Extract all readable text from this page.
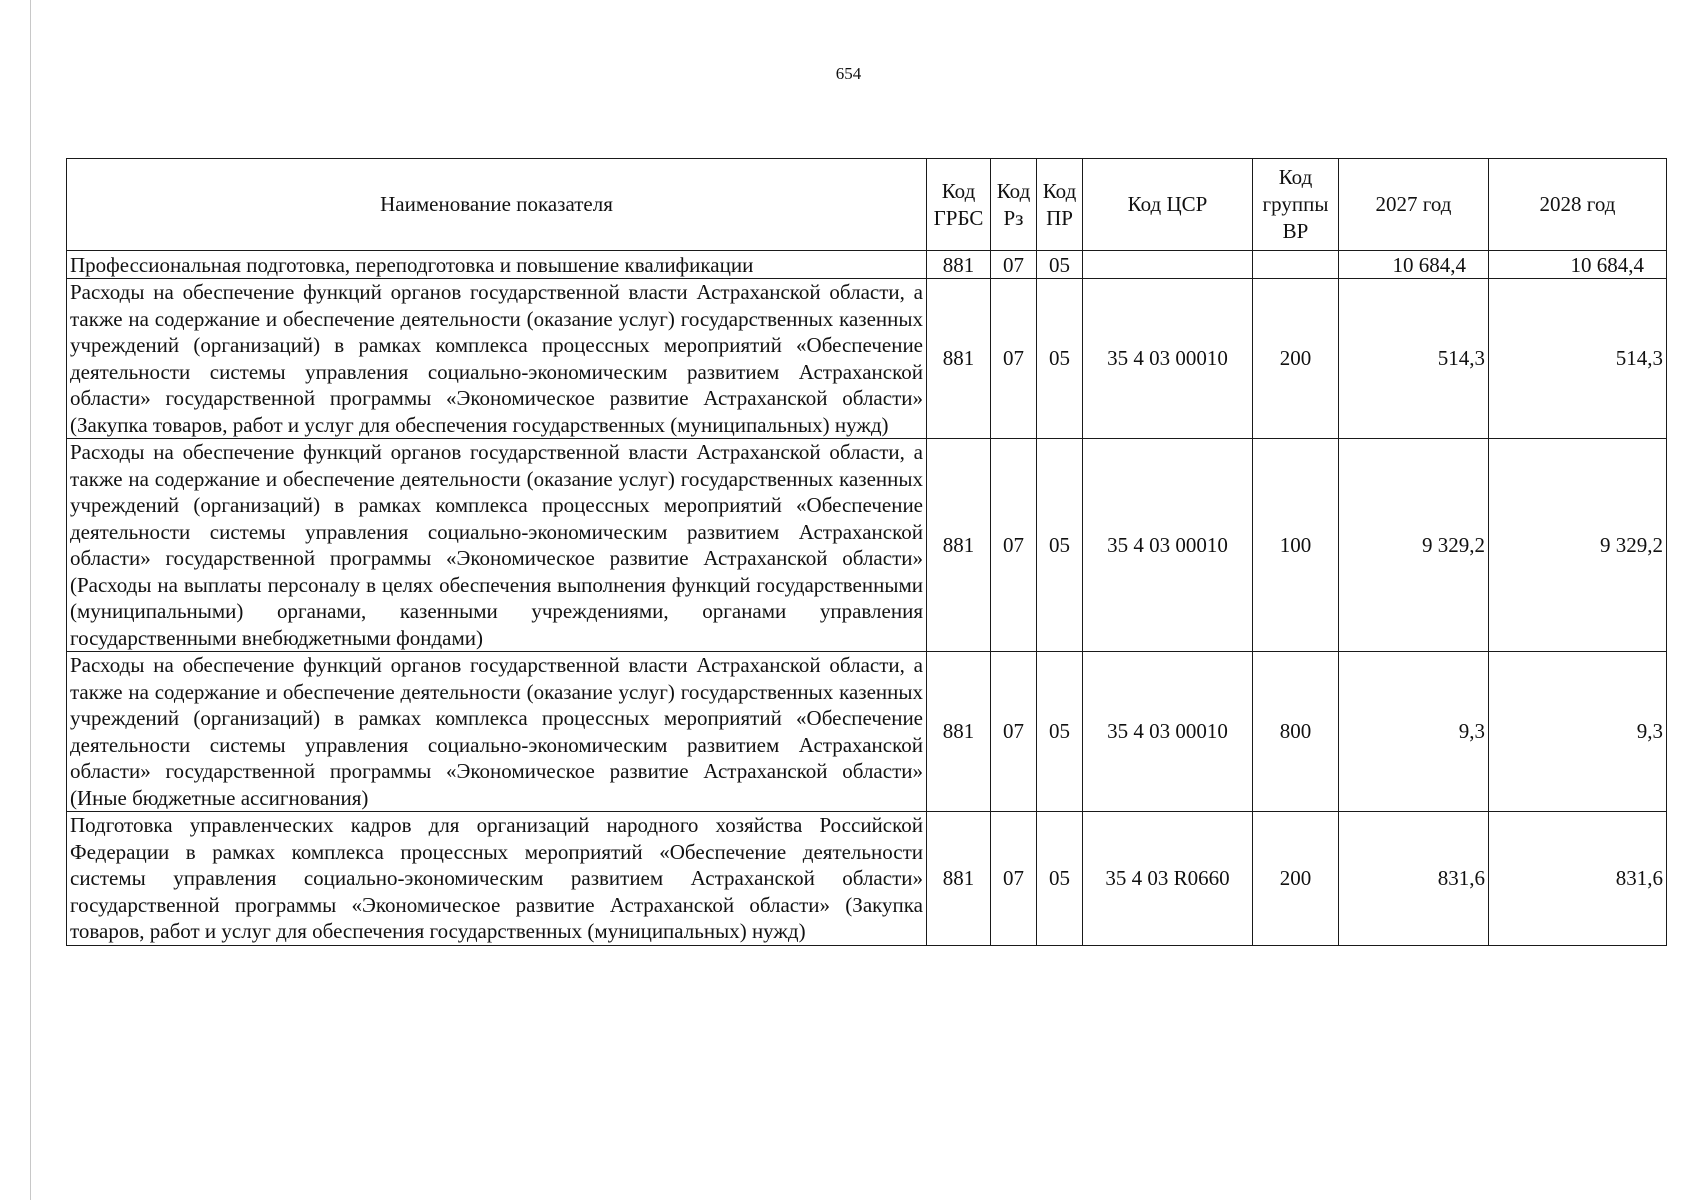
654
Наименование показателя	Код ГРБС	Код Рз	Код ПР	Код ЦСР	Код группы ВР	2027 год	2028 год
Профессиональная подготовка, переподготовка и повышение квалификации	881	07	05			10 684,4	10 684,4
Расходы на обеспечение функций органов государственной власти Астраханской области, а также на содержание и обеспечение деятельности (оказание услуг) государственных казенных учреждений (организаций) в рамках комплекса процессных мероприятий «Обеспечение деятельности системы управления социально-экономическим развитием Астраханской области» государственной программы «Экономическое развитие Астраханской области» (Закупка товаров, работ и услуг для обеспечения государственных (муниципальных) нужд)	881	07	05	35 4 03 00010	200	514,3	514,3
Расходы на обеспечение функций органов государственной власти Астраханской области, а также на содержание и обеспечение деятельности (оказание услуг) государственных казенных учреждений (организаций) в рамках комплекса процессных мероприятий «Обеспечение деятельности системы управления социально-экономическим развитием Астраханской области» государственной программы «Экономическое развитие Астраханской области» (Расходы на выплаты персоналу в целях обеспечения выполнения функций государственными (муниципальными) органами, казенными учреждениями, органами управления государственными внебюджетными фондами)	881	07	05	35 4 03 00010	100	9 329,2	9 329,2
Расходы на обеспечение функций органов государственной власти Астраханской области, а также на содержание и обеспечение деятельности (оказание услуг) государственных казенных учреждений (организаций) в рамках комплекса процессных мероприятий «Обеспечение деятельности системы управления социально-экономическим развитием Астраханской области» государственной программы «Экономическое развитие Астраханской области» (Иные бюджетные ассигнования)	881	07	05	35 4 03 00010	800	9,3	9,3
Подготовка управленческих кадров для организаций народного хозяйства Российской Федерации в рамках комплекса процессных мероприятий «Обеспечение деятельности системы управления социально-экономическим развитием Астраханской области» государственной программы «Экономическое развитие Астраханской области» (Закупка товаров, работ и услуг для обеспечения государственных (муниципальных) нужд)	881	07	05	35 4 03 R0660	200	831,6	831,6
